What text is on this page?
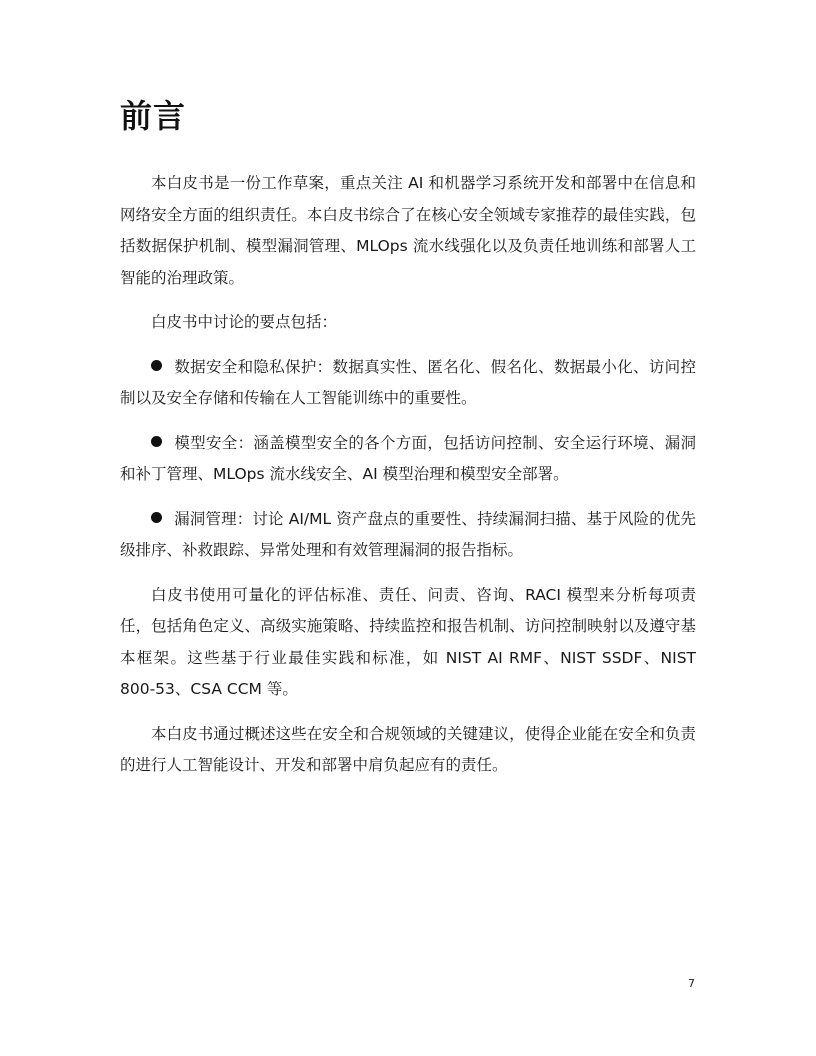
前言

本白皮书是一份工作草案，重点关注 AI 和机器学习系统开发和部署中在信息和网络安全方面的组织责任。本白皮书综合了在核心安全领域专家推荐的最佳实践，包括数据保护机制、模型漏洞管理、MLOps 流水线强化以及负责任地训练和部署人工智能的治理政策。

白皮书中讨论的要点包括：

数据安全和隐私保护：数据真实性、匿名化、假名化、数据最小化、访问控制以及安全存储和传输在人工智能训练中的重要性。

模型安全：涵盖模型安全的各个方面，包括访问控制、安全运行环境、漏洞和补丁管理、MLOps 流水线安全、AI 模型治理和模型安全部署。

漏洞管理：讨论 AI/ML 资产盘点的重要性、持续漏洞扫描、基于风险的优先级排序、补救跟踪、异常处理和有效管理漏洞的报告指标。

白皮书使用可量化的评估标准、责任、问责、咨询、RACI 模型来分析每项责任，包括角色定义、高级实施策略、持续监控和报告机制、访问控制映射以及遵守基本框架。这些基于行业最佳实践和标准，如 NIST AI RMF、NIST SSDF、NIST 800-53、CSA CCM 等。

本白皮书通过概述这些在安全和合规领域的关键建议，使得企业能在安全和负责的进行人工智能设计、开发和部署中肩负起应有的责任。

7
